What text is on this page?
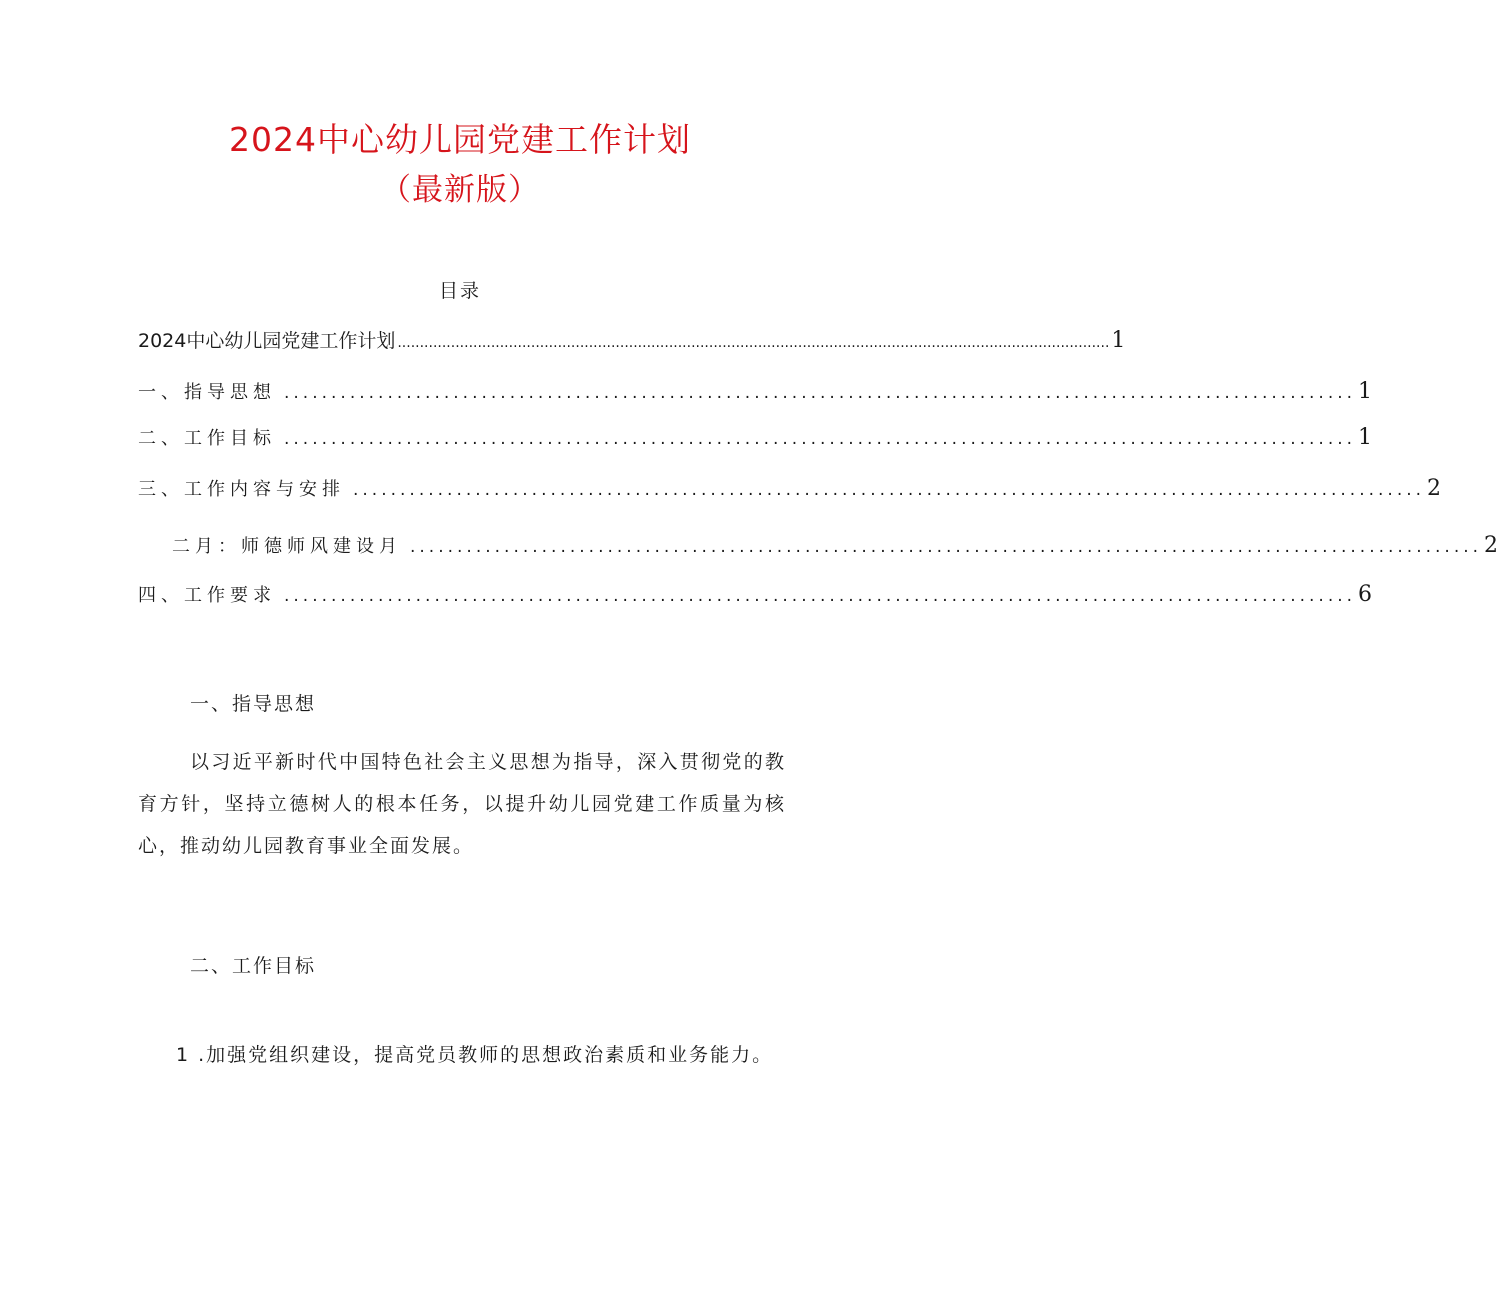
2024中心幼儿园党建工作计划
（最新版）
目录
2024中心幼儿园党建工作计划 ................................................................................................................................................................ 1
一、指导思想 .................................................................................................................. 1
二、工作目标 .................................................................................................................. 1
三、工作内容与安排 .................................................................................................................. 2
二月：师德师风建设月 .................................................................................................................. 2
四、工作要求 .................................................................................................................. 6
一、指导思想

以习近平新时代中国特色社会主义思想为指导，深入贯彻党的教育方针，坚持立德树人的根本任务，以提升幼儿园党建工作质量为核心，推动幼儿园教育事业全面发展。

二、工作目标

1 .加强党组织建设，提高党员教师的思想政治素质和业务能力。
